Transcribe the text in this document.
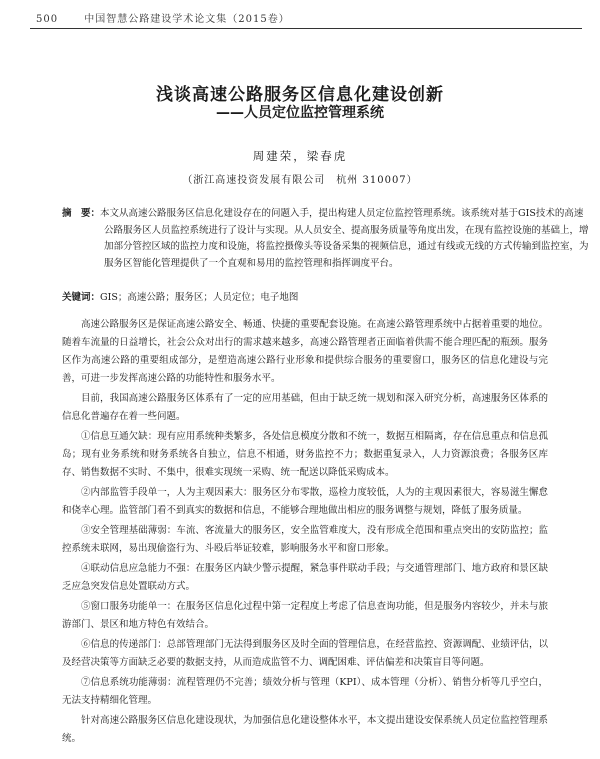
500	中国智慧公路建设学术论文集（2015卷）
浅谈高速公路服务区信息化建设创新
——人员定位监控管理系统
周建荣，梁春虎
（浙江高速投资发展有限公司　杭州 310007）
摘　要：本文从高速公路服务区信息化建设存在的问题入手，提出构建人员定位监控管理系统。该系统对基于GIS技术的高速公路服务区人员监控系统进行了设计与实现。从人员安全、提高服务质量等角度出发，在现有监控设施的基础上，增加部分管控区域的监控力度和设施，将监控摄像头等设备采集的视频信息，通过有线或无线的方式传输到监控室，为服务区智能化管理提供了一个直观和易用的监控管理和指挥调度平台。
关键词：GIS；高速公路；服务区；人员定位；电子地图

高速公路服务区是保证高速公路安全、畅通、快捷的重要配套设施。在高速公路管理系统中占据着重要的地位。随着车流量的日益增长，社会公众对出行的需求越来越多，高速公路管理者正面临着供需不能合理匹配的瓶颈。服务区作为高速公路的重要组成部分，是塑造高速公路行业形象和提供综合服务的重要窗口，服务区的信息化建设与完善，可进一步发挥高速公路的功能特性和服务水平。

目前，我国高速公路服务区体系有了一定的应用基础，但由于缺乏统一规划和深入研究分析，高速服务区体系的信息化普遍存在着一些问题。

①信息互通欠缺：现有应用系统种类繁多，各处信息模度分散和不统一，数据互相隔离，存在信息重点和信息孤岛；现有业务系统和财务系统各自独立，信息不相通，财务监控不力；数据重复录入，人力资源浪费；各服务区库存、销售数据不实时、不集中，很难实现统一采购、统一配送以降低采购成本。

②内部监管手段单一，人为主观因素大：服务区分布零散，巡检力度较低，人为的主观因素很大，容易滋生懈怠和侥幸心理。监管部门看不到真实的数据和信息，不能够合理地做出相应的服务调整与规划，降低了服务质量。

③安全管理基础薄弱：车流、客流量大的服务区，安全监管难度大，没有形成全范围和重点突出的安防监控；监控系统未联网，易出现偷盗行为、斗殴后举证较难，影响服务水平和窗口形象。

④联动信息应急能力不强：在服务区内缺少警示提醒，紧急事件联动手段；与交通管理部门、地方政府和景区缺乏应急突发信息处置联动方式。

⑤窗口服务功能单一：在服务区信息化过程中第一定程度上考虑了信息查询功能，但是服务内容较少，并未与旅游部门、景区和地方特色有效结合。

⑥信息的传递部门：总部管理部门无法得到服务区及时全面的管理信息，在经营监控、资源调配、业绩评估，以及经营决策等方面缺乏必要的数据支持，从而造成监管不力、调配困难、评估偏差和决策盲目等问题。

⑦信息系统功能薄弱：流程管理仍不完善；绩效分析与管理（KPI）、成本管理（分析）、销售分析等几乎空白，无法支持精细化管理。

针对高速公路服务区信息化建设现状，为加强信息化建设整体水平，本文提出建设安保系统人员定位监控管理系统。
